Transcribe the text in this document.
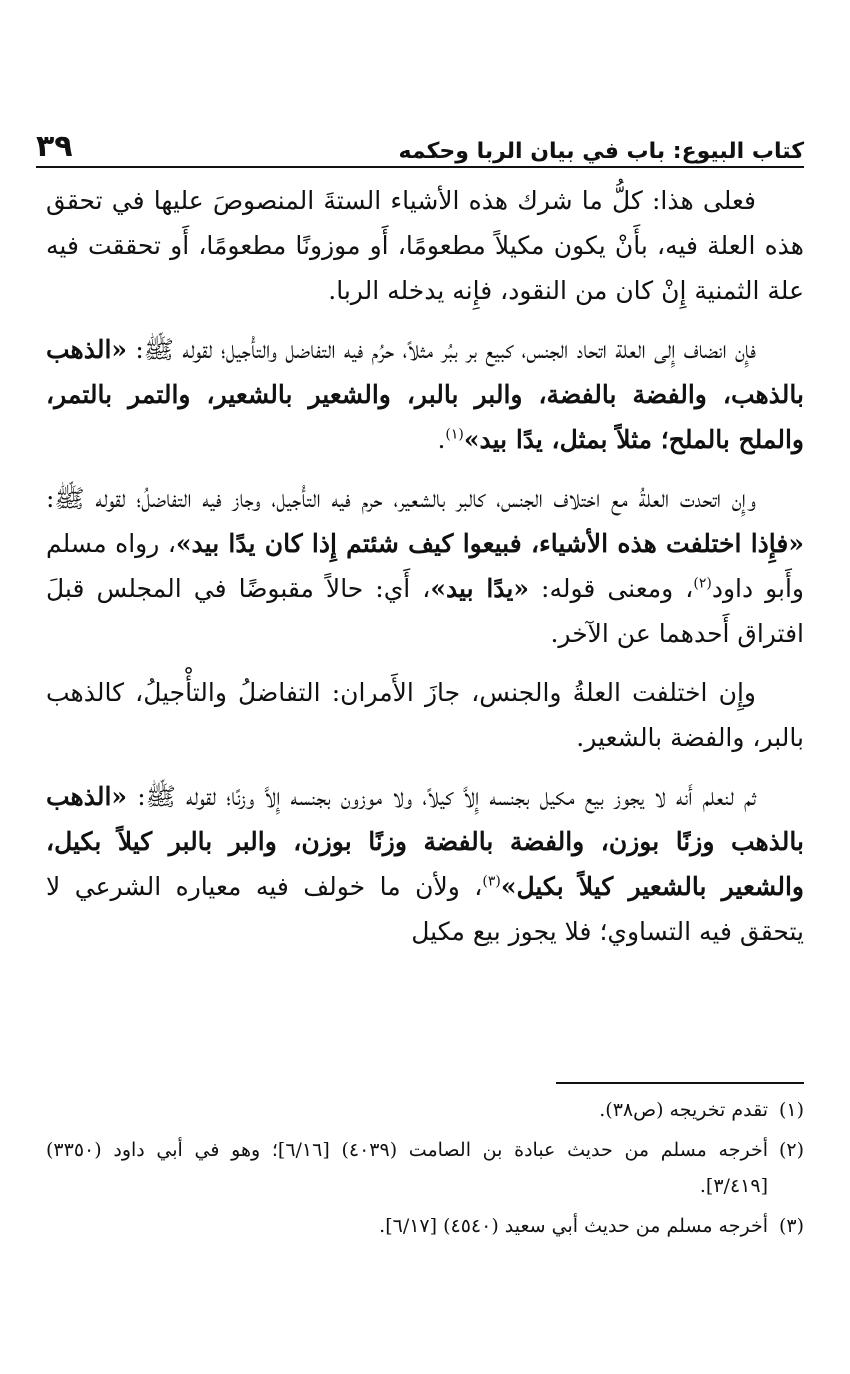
كتاب البيوع: باب في بيان الربا وحكمه
٣٩

فعلى هذا: كلُّ ما شرك هذه الأشياء الستةَ المنصوصَ عليها في تحقق هذه العلة فيه، بأَنْ يكون مكيلاً مطعومًا، أَو موزونًا مطعومًا، أَو تحققت فيه علة الثمنية إِنْ كان من النقود، فإِنه يدخله الربا.

فإِن انضاف إِلى العلة اتحاد الجنس، كبيع بر ببُر مثلاً، حرُم فيه التفاضل والتأْجيل؛ لقوله ﷺ: «الذهب بالذهب، والفضة بالفضة، والبر بالبر، والشعير بالشعير، والتمر بالتمر، والملح بالملح؛ مثلاً بمثل، يدًا بيد»$^{(١)}$.

وإِن اتحدت العلةُ مع اختلاف الجنس، كالبر بالشعير، حرم فيه التأْجيل، وجاز فيه التفاضلُ؛ لقوله ﷺ: «فإِذا اختلفت هذه الأشياء، فبيعوا كيف شئتم إِذا كان يدًا بيد»، رواه مسلم وأَبو داود$^{(٢)}$، ومعنى قوله: «يدًا بيد»، أَي: حالاً مقبوضًا في المجلس قبلَ افتراق أَحدهما عن الآخر.

وإِن اختلفت العلةُ والجنس، جازَ الأَمران: التفاضلُ والتأْجيلُ، كالذهب بالبر، والفضة بالشعير.

ثم لنعلم أَنه لا يجوز بيع مكيل بجنسه إِلاَّ كيلاً، ولا موزون بجنسه إِلاَّ وزنًا؛ لقوله ﷺ: «الذهب بالذهب وزنًا بوزن، والفضة بالفضة وزنًا بوزن، والبر بالبر كيلاً بكيل، والشعير بالشعير كيلاً بكيل»$^{(٣)}$، ولأن ما خولف فيه معياره الشرعي لا يتحقق فيه التساوي؛ فلا يجوز بيع مكيل

(١)
تقدم تخريجه (ص٣٨).
(٢)
أخرجه مسلم من حديث عبادة بن الصامت (٤٠٣٩) [٦/١٦]؛ وهو في أبي داود (٣٣٥٠) [٣/٤١٩].
(٣)
أخرجه مسلم من حديث أبي سعيد (٤٥٤٠) [٦/١٧].
